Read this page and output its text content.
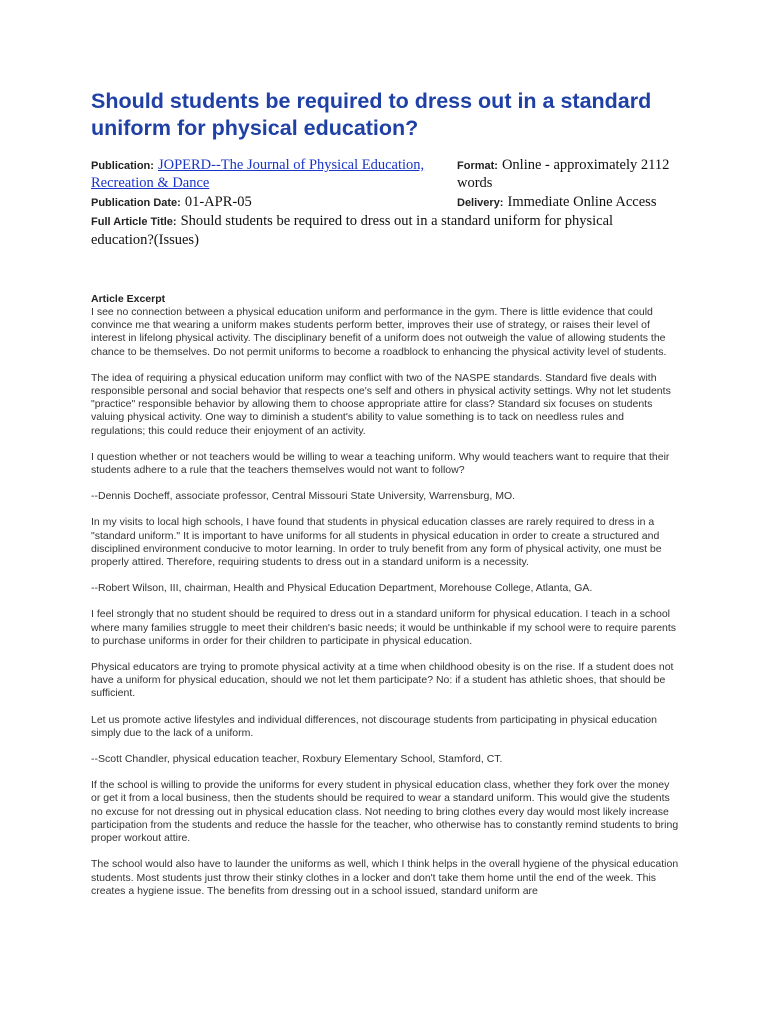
Should students be required to dress out in a standard uniform for physical education?
Publication: JOPERD--The Journal of Physical Education, Recreation & Dance
Format: Online - approximately 2112 words
Publication Date: 01-APR-05	Delivery: Immediate Online Access
Full Article Title: Should students be required to dress out in a standard uniform for physical education?(Issues)
Article Excerpt

I see no connection between a physical education uniform and performance in the gym. There is little evidence that could convince me that wearing a uniform makes students perform better, improves their use of strategy, or raises their level of interest in lifelong physical activity. The disciplinary benefit of a uniform does not outweigh the value of allowing students the chance to be themselves. Do not permit uniforms to become a roadblock to enhancing the physical activity level of students.

The idea of requiring a physical education uniform may conflict with two of the NASPE standards. Standard five deals with responsible personal and social behavior that respects one's self and others in physical activity settings. Why not let students "practice" responsible behavior by allowing them to choose appropriate attire for class? Standard six focuses on students valuing physical activity. One way to diminish a student's ability to value something is to tack on needless rules and regulations; this could reduce their enjoyment of an activity.

I question whether or not teachers would be willing to wear a teaching uniform. Why would teachers want to require that their students adhere to a rule that the teachers themselves would not want to follow?

--Dennis Docheff, associate professor, Central Missouri State University, Warrensburg, MO.

In my visits to local high schools, I have found that students in physical education classes are rarely required to dress in a "standard uniform." It is important to have uniforms for all students in physical education in order to create a structured and disciplined environment conducive to motor learning. In order to truly benefit from any form of physical activity, one must be properly attired. Therefore, requiring students to dress out in a standard uniform is a necessity.

--Robert Wilson, III, chairman, Health and Physical Education Department, Morehouse College, Atlanta, GA.

I feel strongly that no student should be required to dress out in a standard uniform for physical education. I teach in a school where many families struggle to meet their children's basic needs; it would be unthinkable if my school were to require parents to purchase uniforms in order for their children to participate in physical education.

Physical educators are trying to promote physical activity at a time when childhood obesity is on the rise. If a student does not have a uniform for physical education, should we not let them participate? No: if a student has athletic shoes, that should be sufficient.

Let us promote active lifestyles and individual differences, not discourage students from participating in physical education simply due to the lack of a uniform.

--Scott Chandler, physical education teacher, Roxbury Elementary School, Stamford, CT.

If the school is willing to provide the uniforms for every student in physical education class, whether they fork over the money or get it from a local business, then the students should be required to wear a standard uniform. This would give the students no excuse for not dressing out in physical education class. Not needing to bring clothes every day would most likely increase participation from the students and reduce the hassle for the teacher, who otherwise has to constantly remind students to bring proper workout attire.

The school would also have to launder the uniforms as well, which I think helps in the overall hygiene of the physical education students. Most students just throw their stinky clothes in a locker and don't take them home until the end of the week. This creates a hygiene issue. The benefits from dressing out in a school issued, standard uniform are
